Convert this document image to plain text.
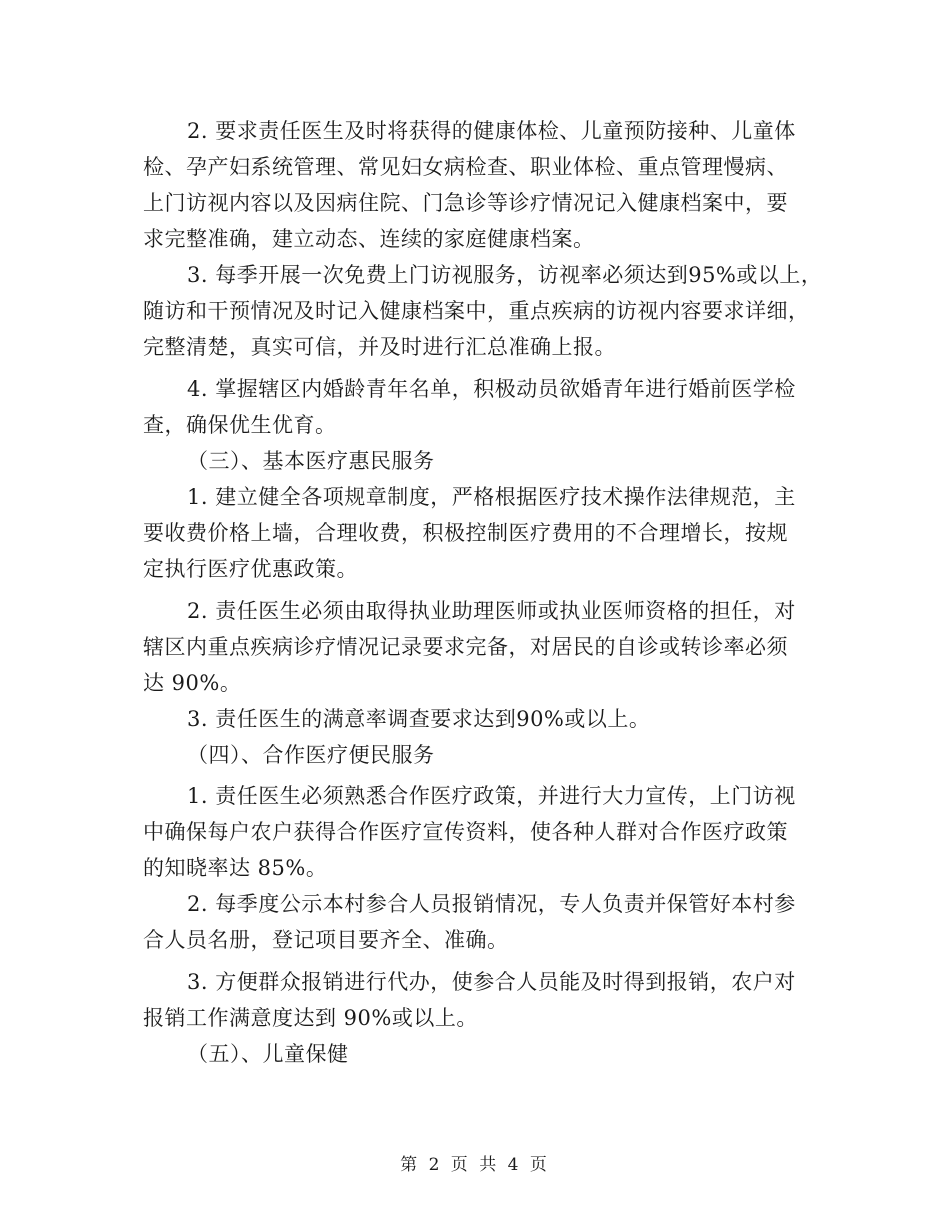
2. 要求责任医生及时将获得的健康体检、儿童预防接种、儿童体
检、孕产妇系统管理、常见妇女病检查、职业体检、重点管理慢病、
上门访视内容以及因病住院、门急诊等诊疗情况记入健康档案中，要
求完整准确，建立动态、连续的家庭健康档案。
3. 每季开展一次免费上门访视服务，访视率必须达到95%或以上，
随访和干预情况及时记入健康档案中，重点疾病的访视内容要求详细，
完整清楚，真实可信，并及时进行汇总准确上报。
4. 掌握辖区内婚龄青年名单，积极动员欲婚青年进行婚前医学检
查，确保优生优育。
（三）、基本医疗惠民服务
1. 建立健全各项规章制度，严格根据医疗技术操作法律规范，主
要收费价格上墙，合理收费，积极控制医疗费用的不合理增长，按规
定执行医疗优惠政策。
2. 责任医生必须由取得执业助理医师或执业医师资格的担任，对
辖区内重点疾病诊疗情况记录要求完备，对居民的自诊或转诊率必须
达 90%。
3. 责任医生的满意率调查要求达到90%或以上。
（四）、合作医疗便民服务
1. 责任医生必须熟悉合作医疗政策，并进行大力宣传，上门访视
中确保每户农户获得合作医疗宣传资料，使各种人群对合作医疗政策
的知晓率达 85%。
2. 每季度公示本村参合人员报销情况，专人负责并保管好本村参
合人员名册，登记项目要齐全、准确。
3. 方便群众报销进行代办，使参合人员能及时得到报销，农户对
报销工作满意度达到 90%或以上。
（五）、儿童保健
第 2 页 共 4 页
